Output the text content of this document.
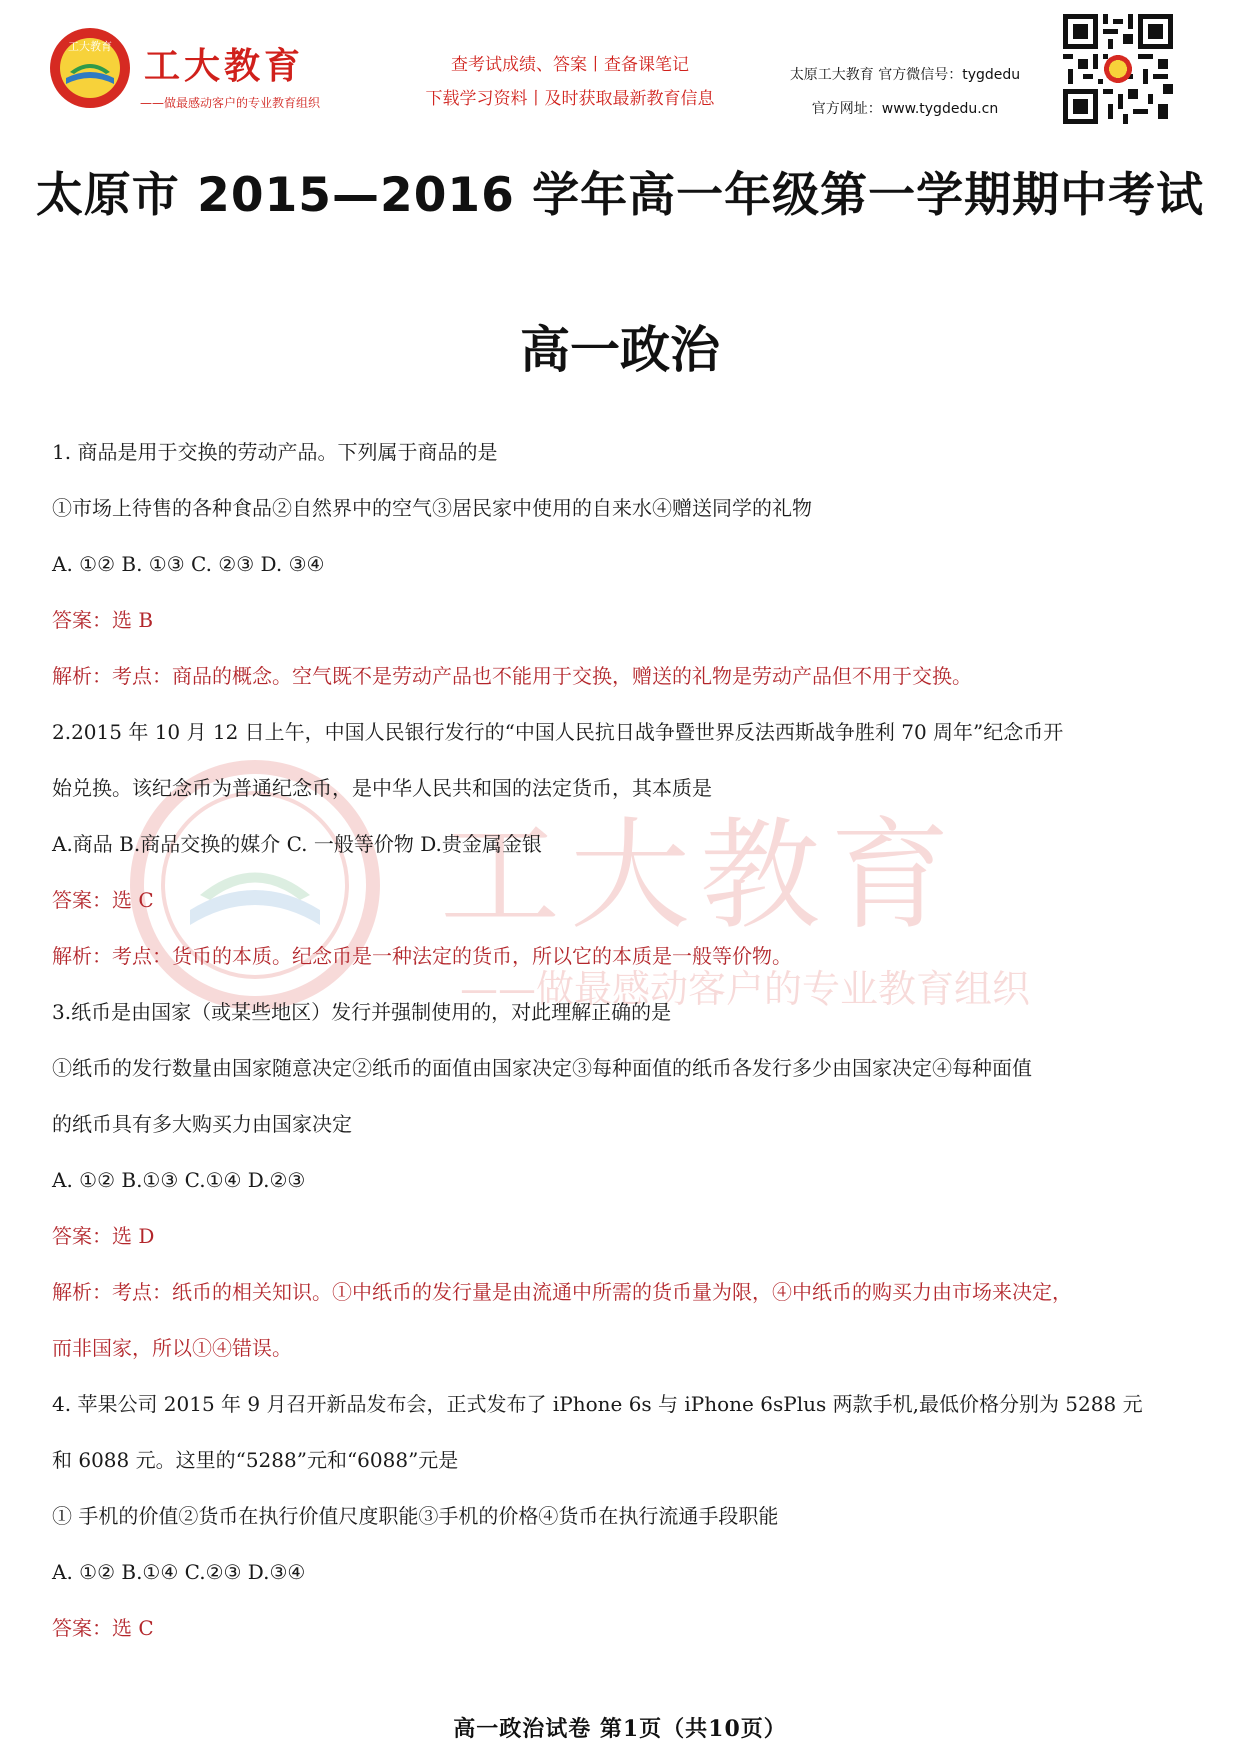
工大教育 工大教育
——做最感动客户的专业教育组织
查考试成绩、答案丨查备课笔记
下载学习资料丨及时获取最新教育信息
太原工大教育 官方微信号：tygdedu
官方网址：www.tygdedu.cn
太原市 2015—2016 学年高一年级第一学期期中考试
高一政治
工大教育
——做最感动客户的专业教育组织
1. 商品是用于交换的劳动产品。下列属于商品的是
①市场上待售的各种食品②自然界中的空气③居民家中使用的自来水④赠送同学的礼物
A. ①② B. ①③ C. ②③ D. ③④
答案：选 B
解析：考点：商品的概念。空气既不是劳动产品也不能用于交换，赠送的礼物是劳动产品但不用于交换。
2.2015 年 10 月 12 日上午，中国人民银行发行的“中国人民抗日战争暨世界反法西斯战争胜利 70 周年”纪念币开
始兑换。该纪念币为普通纪念币，是中华人民共和国的法定货币，其本质是
A.商品 B.商品交换的媒介 C. 一般等价物 D.贵金属金银
答案：选 C
解析：考点：货币的本质。纪念币是一种法定的货币，所以它的本质是一般等价物。
3.纸币是由国家（或某些地区）发行并强制使用的，对此理解正确的是
①纸币的发行数量由国家随意决定②纸币的面值由国家决定③每种面值的纸币各发行多少由国家决定④每种面值
的纸币具有多大购买力由国家决定
A. ①② B.①③ C.①④ D.②③
答案：选 D
解析：考点：纸币的相关知识。①中纸币的发行量是由流通中所需的货币量为限，④中纸币的购买力由市场来决定，
而非国家，所以①④错误。
4. 苹果公司 2015 年 9 月召开新品发布会，正式发布了 iPhone 6s 与 iPhone 6sPlus 两款手机,最低价格分别为 5288 元
和 6088 元。这里的“5288”元和“6088”元是
① 手机的价值②货币在执行价值尺度职能③手机的价格④货币在执行流通手段职能
A. ①② B.①④ C.②③ D.③④
答案：选 C
高一政治试卷 第1页（共10页）
